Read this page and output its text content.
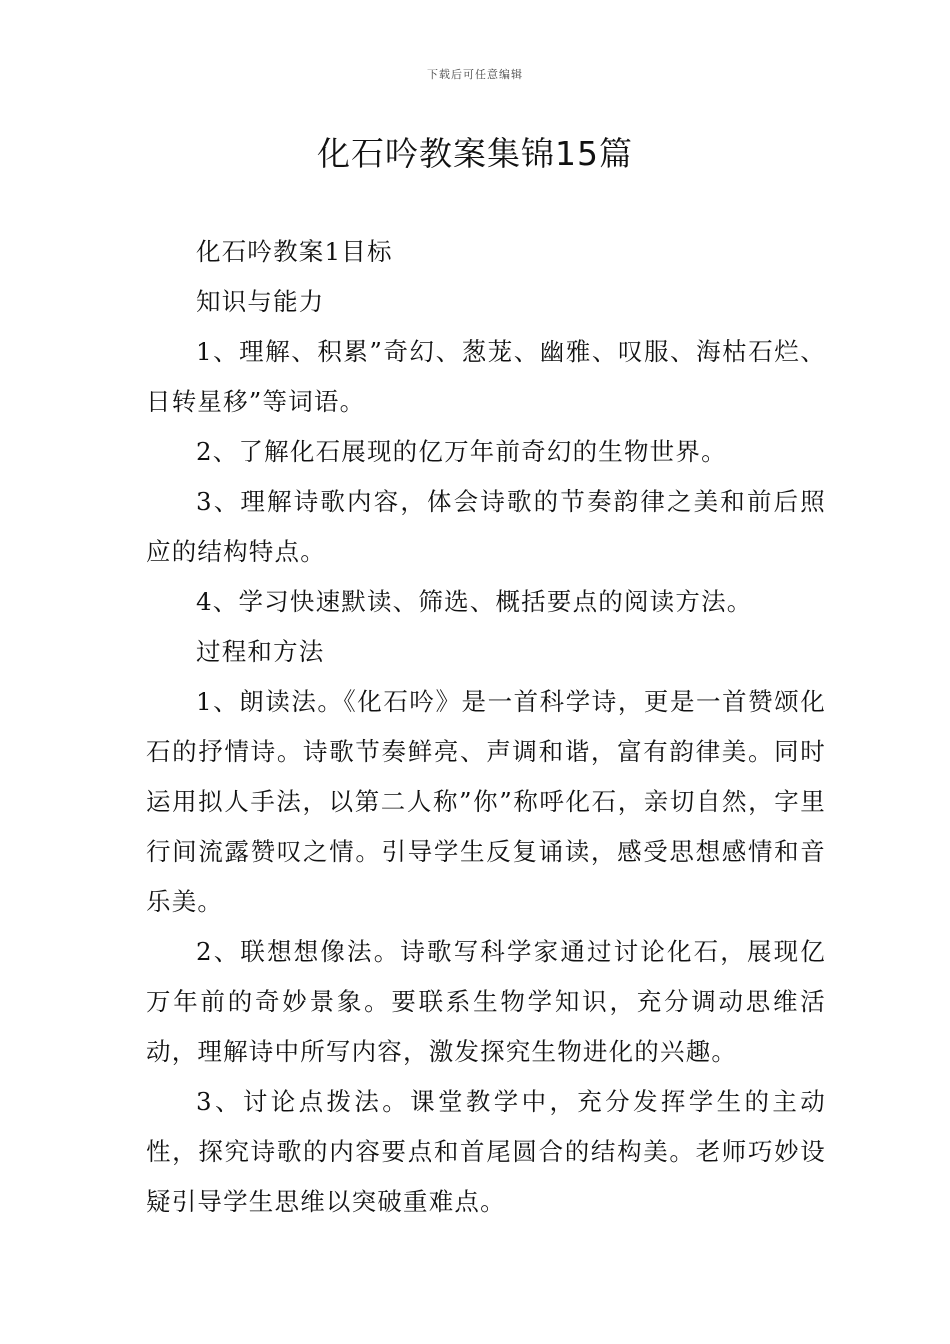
下载后可任意编辑
化石吟教案集锦15篇

化石吟教案1目标

知识与能力

1、理解、积累”奇幻、葱茏、幽雅、叹服、海枯石烂、日转星移”等词语。

2、了解化石展现的亿万年前奇幻的生物世界。

3、理解诗歌内容，体会诗歌的节奏韵律之美和前后照应的结构特点。

4、学习快速默读、筛选、概括要点的阅读方法。

过程和方法

1、朗读法。《化石吟》是一首科学诗，更是一首赞颂化石的抒情诗。诗歌节奏鲜亮、声调和谐，富有韵律美。同时运用拟人手法，以第二人称”你”称呼化石，亲切自然，字里行间流露赞叹之情。引导学生反复诵读，感受思想感情和音乐美。

2、联想想像法。诗歌写科学家通过讨论化石，展现亿万年前的奇妙景象。要联系生物学知识，充分调动思维活动，理解诗中所写内容，激发探究生物进化的兴趣。

3、讨论点拨法。课堂教学中，充分发挥学生的主动性，探究诗歌的内容要点和首尾圆合的结构美。老师巧妙设疑引导学生思维以突破重难点。
